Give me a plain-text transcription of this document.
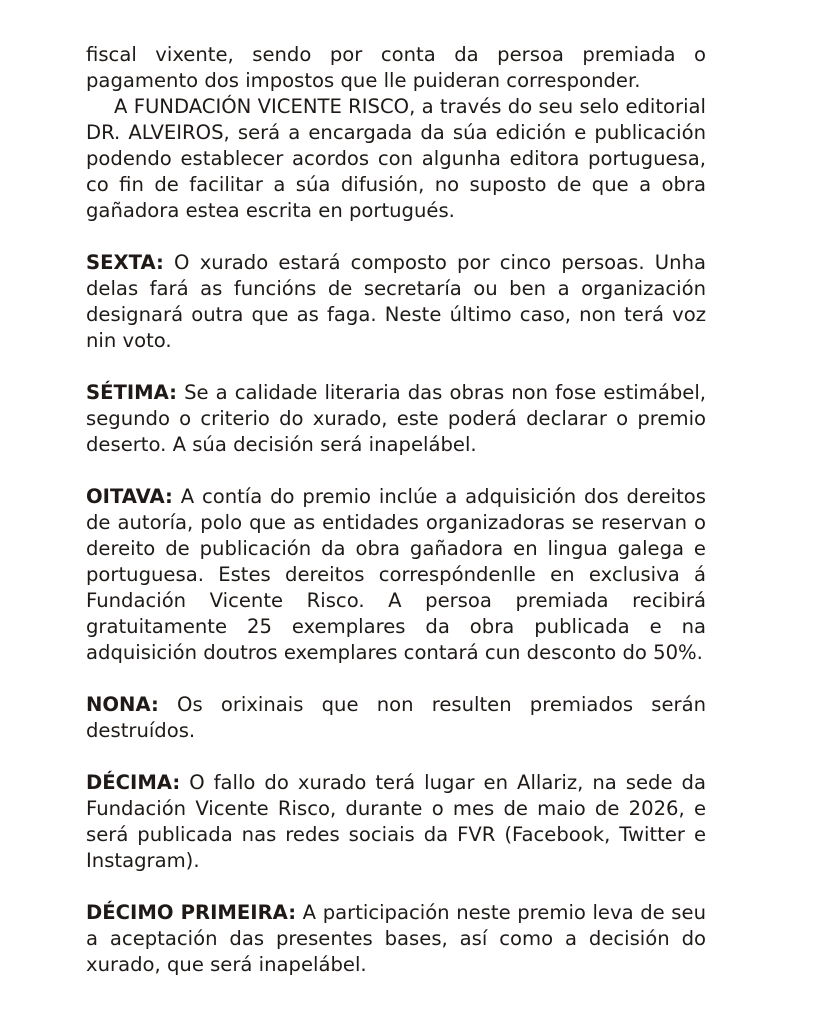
fiscal vixente, sendo por conta da persoa premiada o pagamento dos impostos que lle puideran corresponder.

A FUNDACIÓN VICENTE RISCO, a través do seu selo editorial DR. ALVEIROS, será a encargada da súa edición e publicación podendo establecer acordos con algunha editora portuguesa, co fin de facilitar a súa difusión, no suposto de que a obra gañadora estea escrita en portugués.

SEXTA: O xurado estará composto por cinco persoas. Unha delas fará as funcións de secretaría ou ben a organización designará outra que as faga. Neste último caso, non terá voz nin voto.

SÉTIMA: Se a calidade literaria das obras non fose estimábel, segundo o criterio do xurado, este poderá declarar o premio deserto. A súa decisión será inapelábel.

OITAVA: A contía do premio inclúe a adquisición dos dereitos de autoría, polo que as entidades organizadoras se reservan o dereito de publicación da obra gañadora en lingua galega e portuguesa. Estes dereitos correspóndenlle en exclusiva á Fundación Vicente Risco. A persoa premiada recibirá gratuitamente 25 exemplares da obra publicada e na adquisición doutros exemplares contará cun desconto do 50%.

NONA: Os orixinais que non resulten premiados serán destruídos.

DÉCIMA: O fallo do xurado terá lugar en Allariz, na sede da Fundación Vicente Risco, durante o mes de maio de 2026, e será publicada nas redes sociais da FVR (Facebook, Twitter e Instagram).

DÉCIMO PRIMEIRA: A participación neste premio leva de seu a aceptación das presentes bases, así como a decisión do xurado, que será inapelábel.
